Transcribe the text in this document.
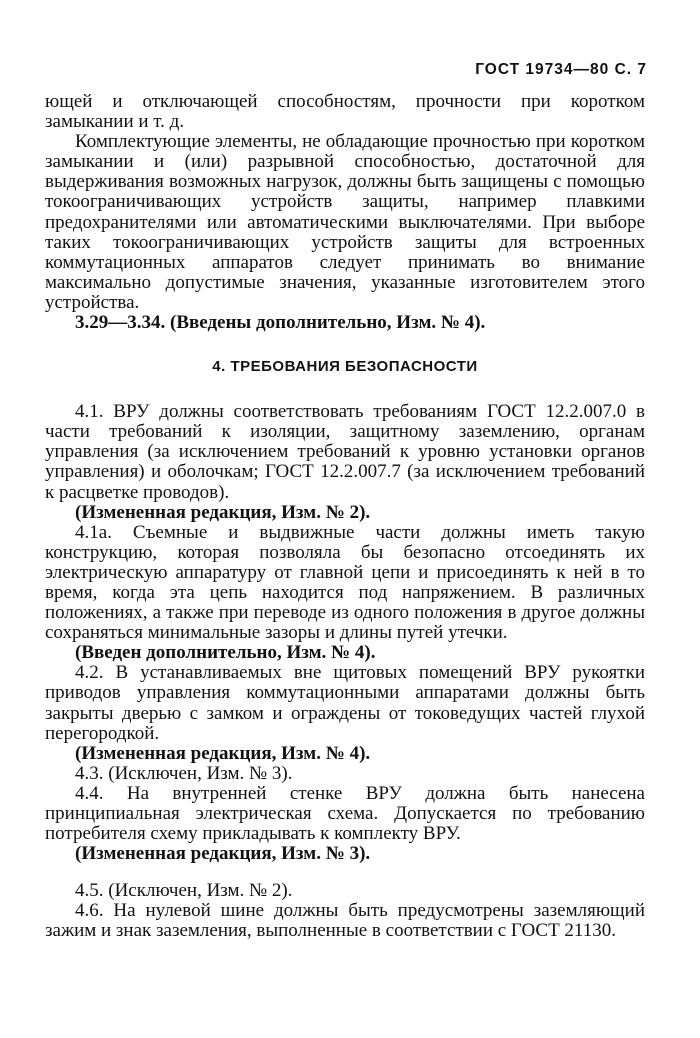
ГОСТ 19734—80 С. 7

ющей и отключающей способностям, прочности при коротком замыкании и т. д.

Комплектующие элементы, не обладающие прочностью при коротком замыкании и (или) разрывной способностью, достаточной для выдерживания возможных нагрузок, должны быть защищены с помощью токоограничивающих устройств защиты, например плавкими предохранителями или автоматическими выключателями. При выборе таких токоограничивающих устройств защиты для встроенных коммутационных аппаратов следует принимать во внимание максимально допустимые значения, указанные изготовителем этого устройства.

3.29—3.34. (Введены дополнительно, Изм. № 4).

4. ТРЕБОВАНИЯ БЕЗОПАСНОСТИ

4.1. ВРУ должны соответствовать требованиям ГОСТ 12.2.007.0 в части требований к изоляции, защитному заземлению, органам управления (за исключением требований к уровню установки органов управления) и оболочкам; ГОСТ 12.2.007.7 (за исключением требований к расцветке проводов).

(Измененная редакция, Изм. № 2).

4.1а. Съемные и выдвижные части должны иметь такую конструкцию, которая позволяла бы безопасно отсоединять их электрическую аппаратуру от главной цепи и присоединять к ней в то время, когда эта цепь находится под напряжением. В различных положениях, а также при переводе из одного положения в другое должны сохраняться минимальные зазоры и длины путей утечки.

(Введен дополнительно, Изм. № 4).

4.2. В устанавливаемых вне щитовых помещений ВРУ рукоятки приводов управления коммутационными аппаратами должны быть закрыты дверью с замком и ограждены от токоведущих частей глухой перегородкой.

(Измененная редакция, Изм. № 4).

4.3. (Исключен, Изм. № 3).

4.4. На внутренней стенке ВРУ должна быть нанесена принципиальная электрическая схема. Допускается по требованию потребителя схему прикладывать к комплекту ВРУ.

(Измененная редакция, Изм. № 3).

4.5. (Исключен, Изм. № 2).

4.6. На нулевой шине должны быть предусмотрены заземляющий зажим и знак заземления, выполненные в соответствии с ГОСТ 21130.
